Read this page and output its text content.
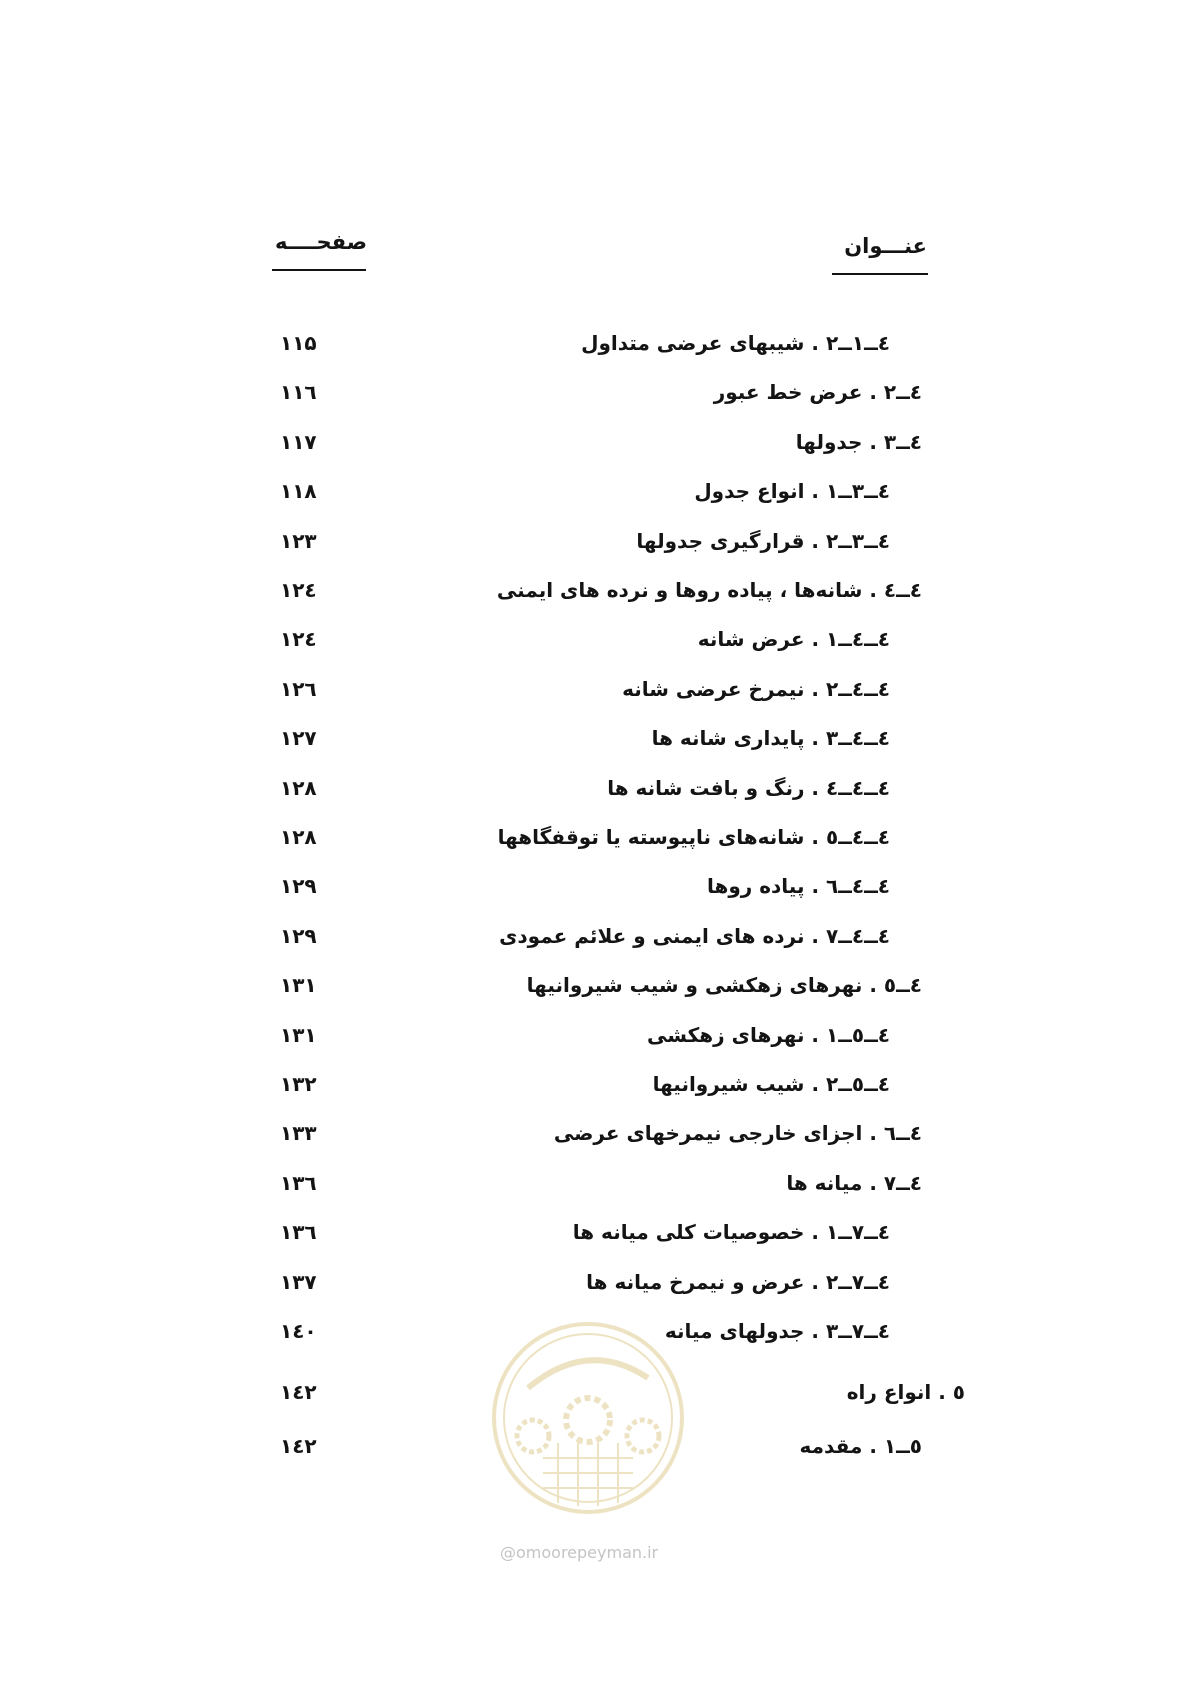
عنـــوان
صفحــــه
٤ــ١ــ٢ . شیبهای عرضی متداول
۱۱۵
٤ــ٢ . عرض خط عبور
۱۱٦
٤ــ٣ . جدولها
۱۱۷
٤ــ٣ــ١ . انواع جدول
۱۱۸
٤ــ٣ــ٢ . قرارگیری جدولها
۱۲۳
٤ــ٤ . شانه‌ها ، پیاده روها و نرده های ایمنی
۱۲٤
٤ــ٤ــ١ . عرض شانه
۱۲٤
٤ــ٤ــ٢ . نیمرخ عرضی شانه
۱۲٦
٤ــ٤ــ٣ . پایداری شانه ها
۱۲۷
٤ــ٤ــ٤ . رنگ و بافت شانه ها
۱۲۸
٤ــ٤ــ٥ . شانه‌های ناپیوسته یا توقفگاهها
۱۲۸
٤ــ٤ــ٦ . پیاده روها
۱۲۹
٤ــ٤ــ٧ . نرده های ایمنی و علائم عمودی
۱۲۹
٤ــ٥ . نهرهای زهکشی و شیب شیروانیها
۱۳۱
٤ــ٥ــ١ . نهرهای زهکشی
۱۳۱
٤ــ٥ــ٢ . شیب شیروانیها
۱۳۲
٤ــ٦ . اجزای خارجی نیمرخهای عرضی
۱۳۳
٤ــ٧ . میانه ها
۱۳٦
٤ــ٧ــ١ . خصوصیات کلی میانه ها
۱۳٦
٤ــ٧ــ٢ . عرض و نیمرخ میانه ها
۱۳۷
٤ــ٧ــ٣ . جدولهای میانه
۱٤۰
٥ . انواع راه
۱٤۲
٥ــ١ . مقدمه
۱٤۲
@omoorepeyman.ir
